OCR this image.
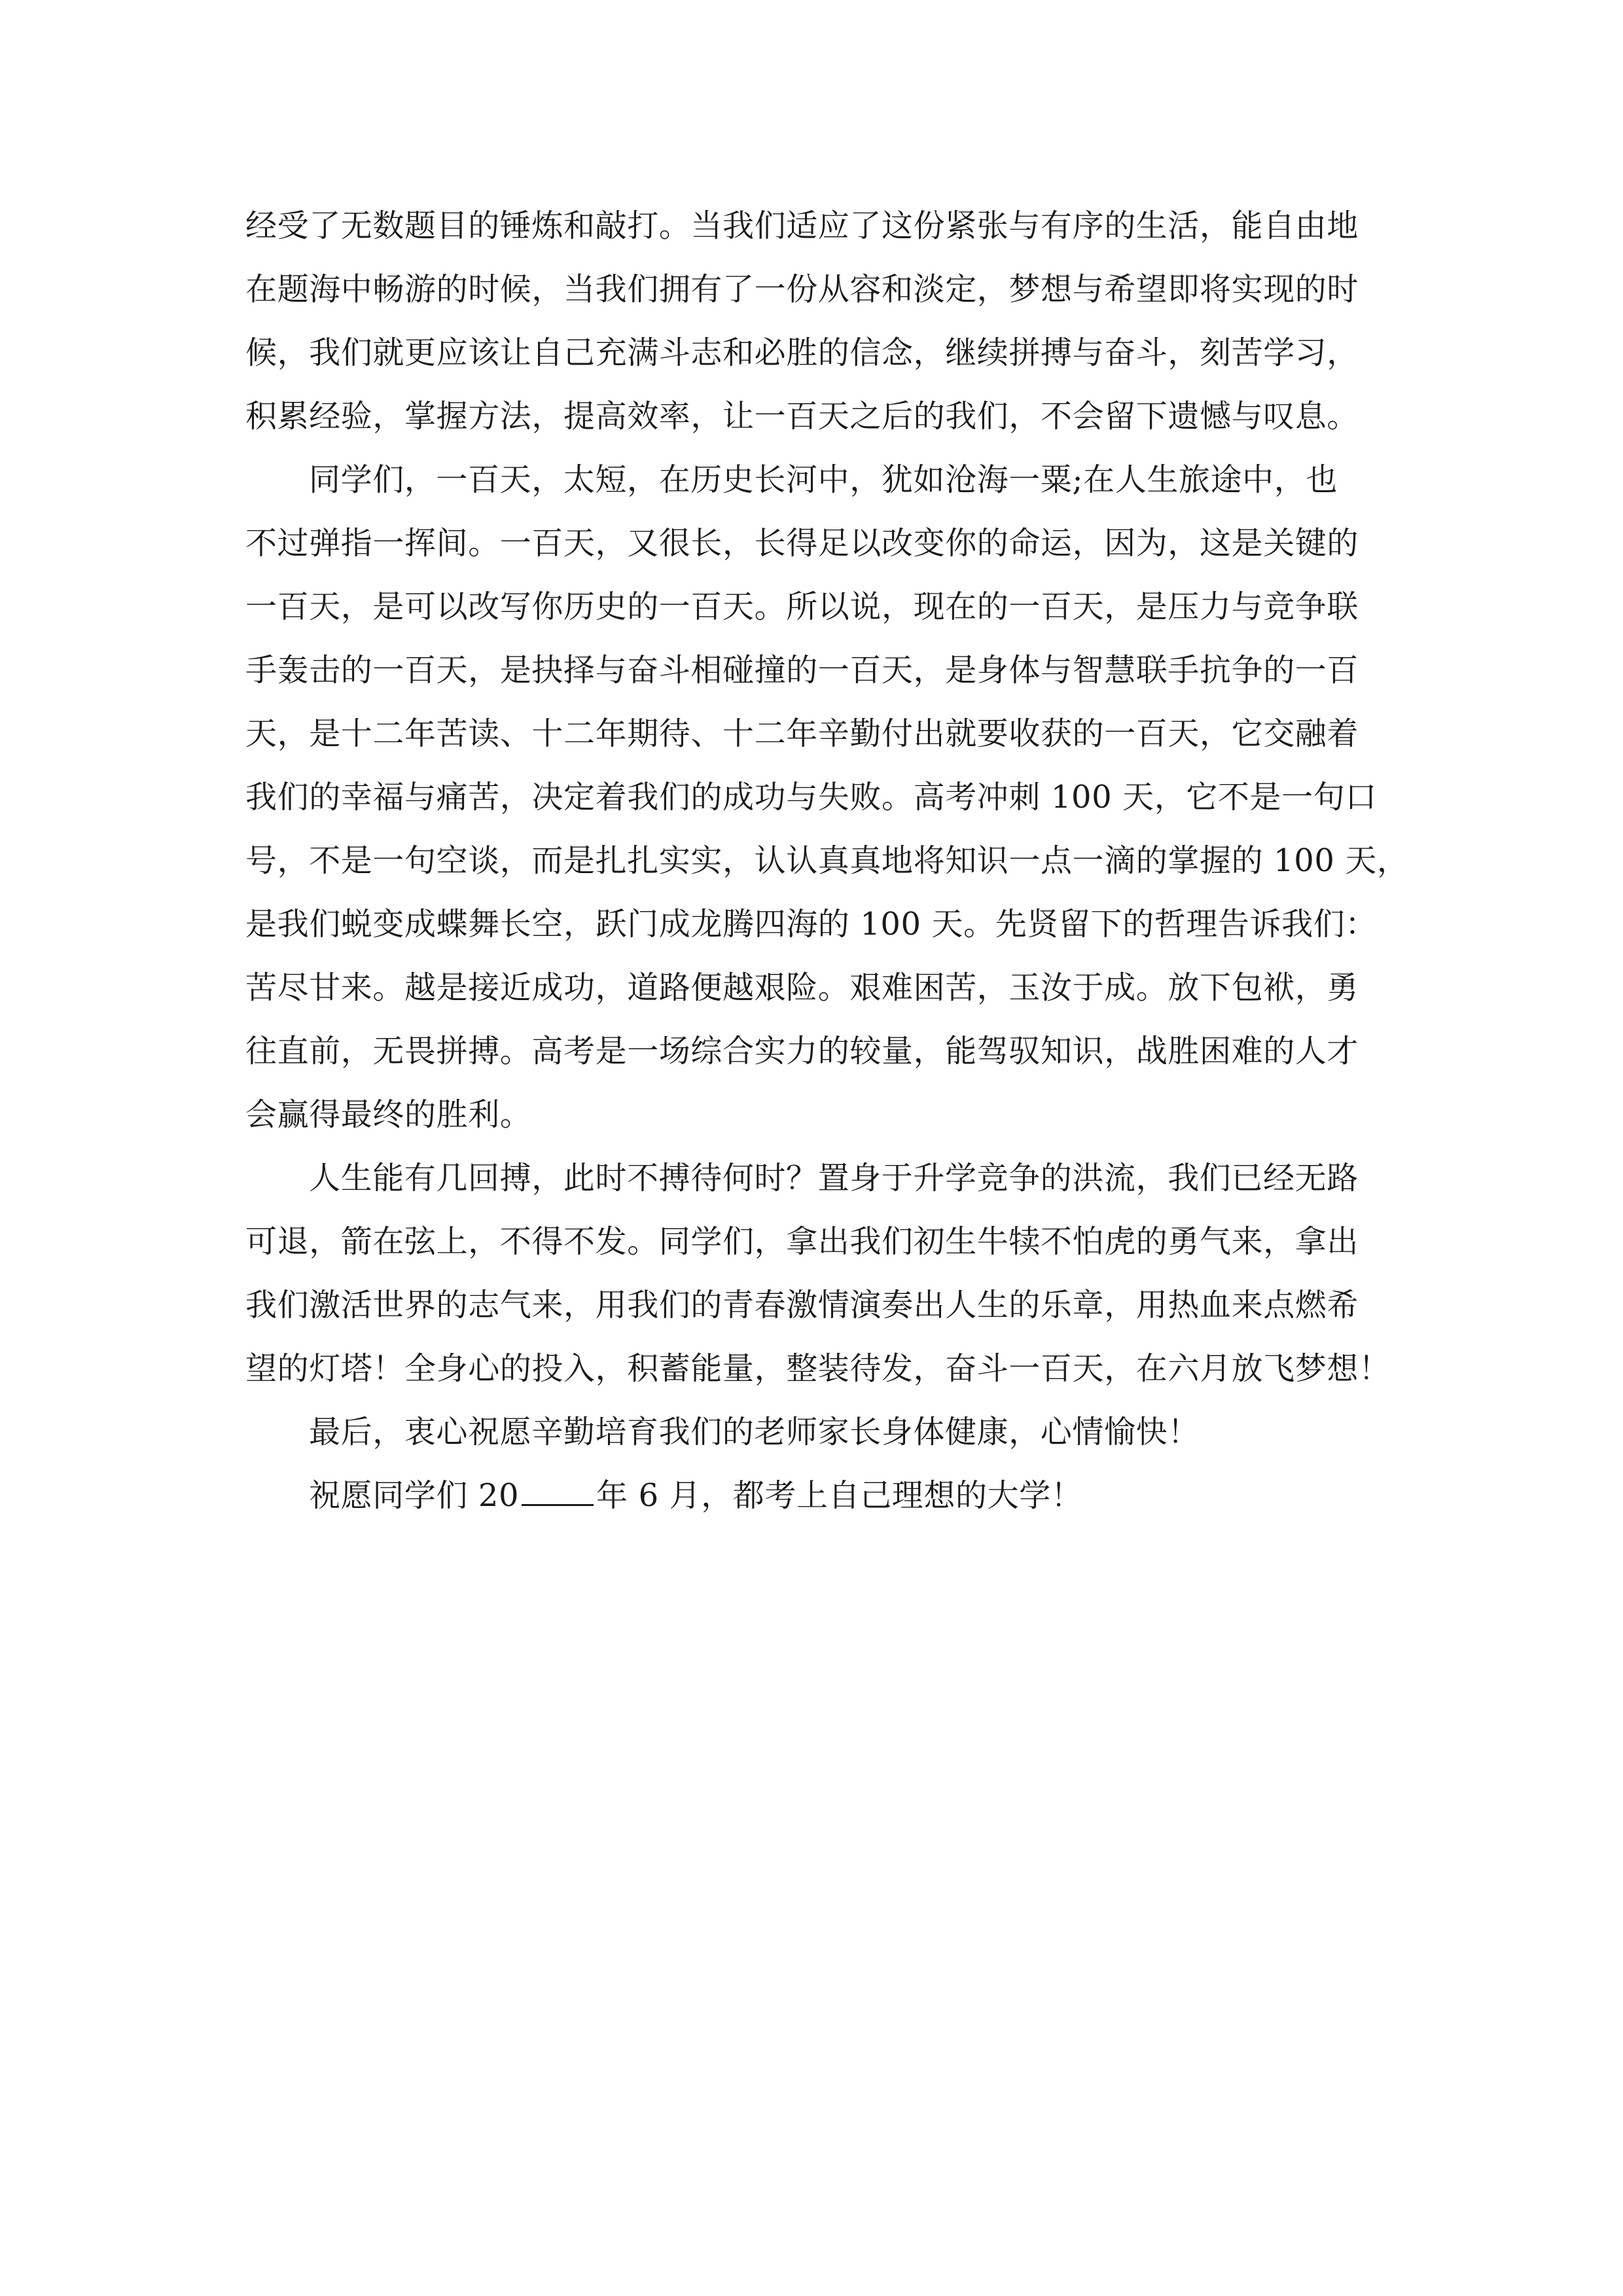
经受了无数题目的锤炼和敲打。当我们适应了这份紧张与有序的生活，能自由地
在题海中畅游的时候，当我们拥有了一份从容和淡定，梦想与希望即将实现的时
候，我们就更应该让自己充满斗志和必胜的信念，继续拼搏与奋斗，刻苦学习，
积累经验，掌握方法，提高效率，让一百天之后的我们，不会留下遗憾与叹息。
同学们，一百天，太短，在历史长河中，犹如沧海一粟;在人生旅途中，也
不过弹指一挥间。一百天，又很长，长得足以改变你的命运，因为，这是关键的
一百天，是可以改写你历史的一百天。所以说，现在的一百天，是压力与竞争联
手轰击的一百天，是抉择与奋斗相碰撞的一百天，是身体与智慧联手抗争的一百
天，是十二年苦读、十二年期待、十二年辛勤付出就要收获的一百天，它交融着
我们的幸福与痛苦，决定着我们的成功与失败。高考冲刺 100 天，它不是一句口
号，不是一句空谈，而是扎扎实实，认认真真地将知识一点一滴的掌握的 100 天，
是我们蜕变成蝶舞长空，跃门成龙腾四海的 100 天。先贤留下的哲理告诉我们：
苦尽甘来。越是接近成功，道路便越艰险。艰难困苦，玉汝于成。放下包袱，勇
往直前，无畏拼搏。高考是一场综合实力的较量，能驾驭知识，战胜困难的人才
会赢得最终的胜利。
人生能有几回搏，此时不搏待何时？置身于升学竞争的洪流，我们已经无路
可退，箭在弦上，不得不发。同学们，拿出我们初生牛犊不怕虎的勇气来，拿出
我们激活世界的志气来，用我们的青春激情演奏出人生的乐章，用热血来点燃希
望的灯塔！全身心的投入，积蓄能量，整装待发，奋斗一百天，在六月放飞梦想！
最后，衷心祝愿辛勤培育我们的老师家长身体健康，心情愉快！
祝愿同学们 20 年 6 月，都考上自己理想的大学！
